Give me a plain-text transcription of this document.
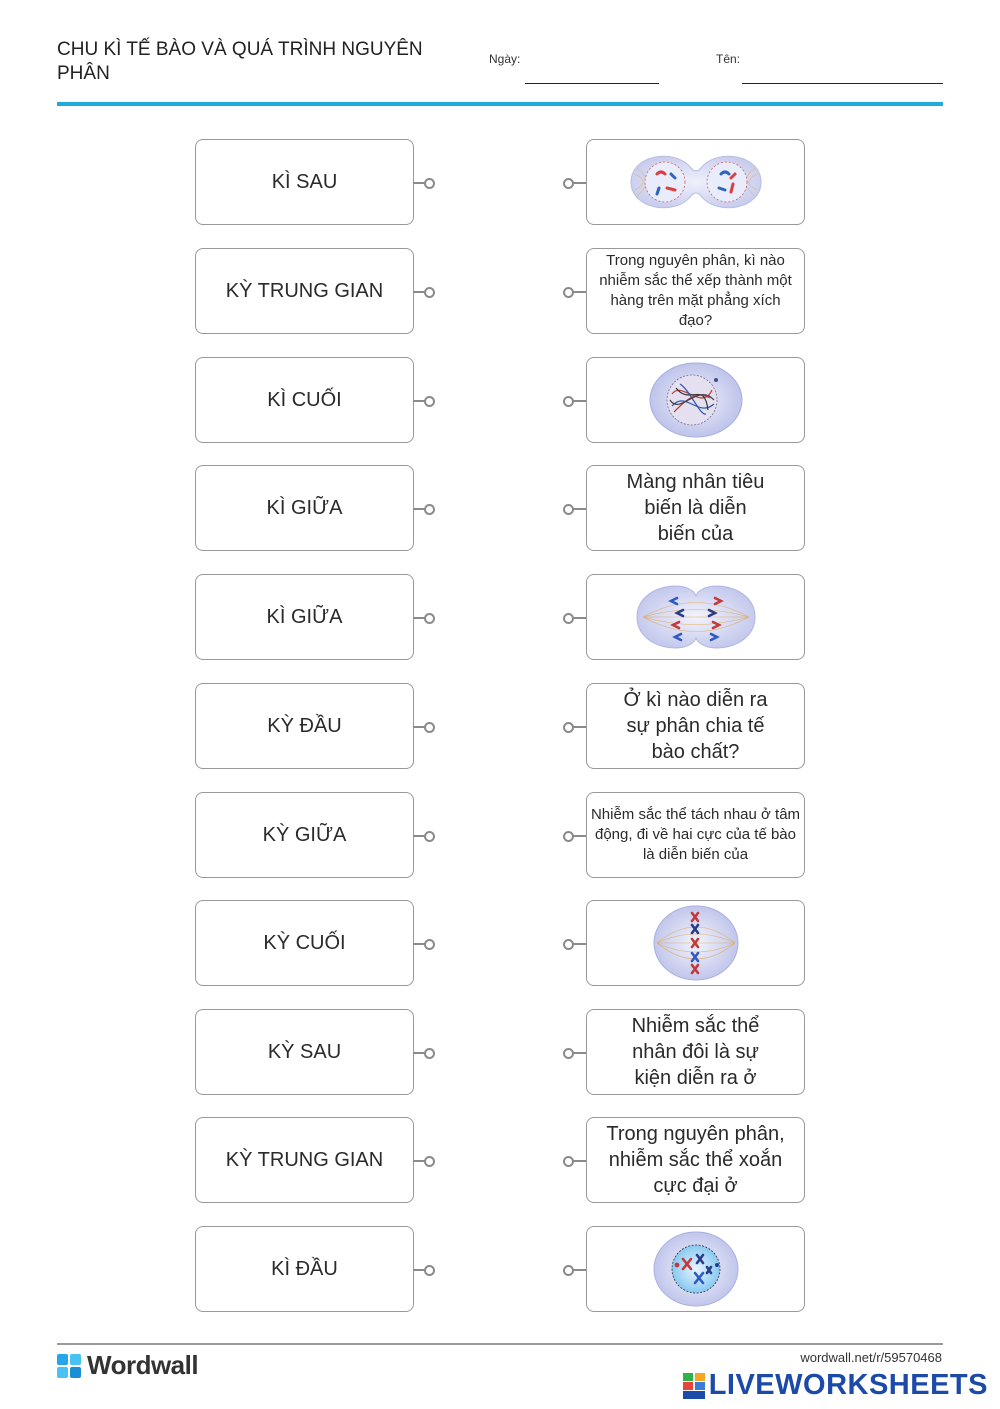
CHU KÌ TẾ BÀO VÀ QUÁ TRÌNH NGUYÊN PHÂN
Ngày:	Tên:
KÌ SAU
KỲ TRUNG GIAN
Trong nguyên phân, kì nào nhiễm sắc thể xếp thành một hàng trên mặt phẳng xích đạo?
KÌ CUỐI
KÌ GIỮA
Màng nhân tiêu biến là diễn biến của
KÌ GIỮA
KỲ ĐẦU
Ở kì nào diễn ra sự phân chia tế bào chất?
KỲ GIỮA
Nhiễm sắc thể tách nhau ở tâm động, đi về hai cực của tế bào là diễn biến của
KỲ CUỐI
KỲ SAU
Nhiễm sắc thể nhân đôi là sự kiện diễn ra ở
KỲ TRUNG GIAN
Trong nguyên phân, nhiễm sắc thể xoắn cực đại ở
KÌ ĐẦU
Wordwall	wordwall.net/r/59570468
LIVEWORKSHEETS
